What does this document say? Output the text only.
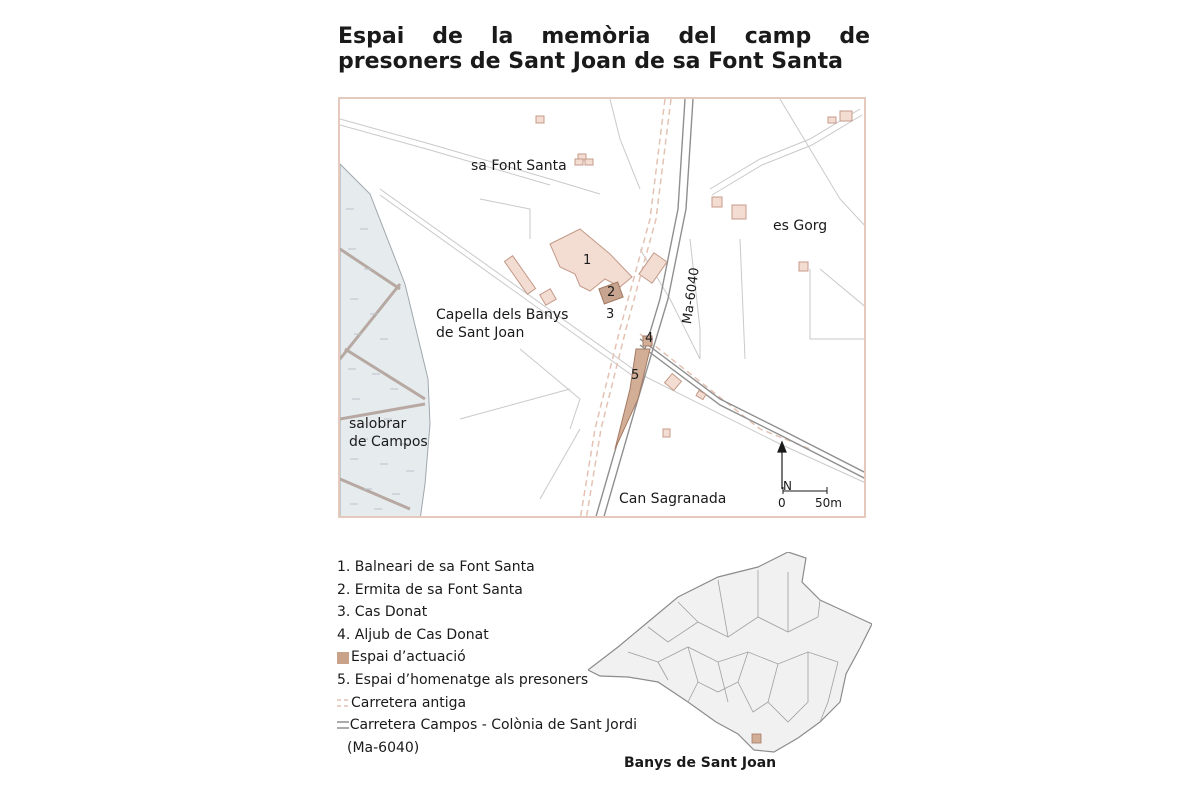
Espai de la memòria del camp de presoners de Sant Joan de sa Font Santa
sa Font Santa
es Gorg
Capella dels Banys
de Sant Joan
salobrar
de Campos
Can Sagranada
Ma-6040
1
2
3
4
5
N
0 50m
1. Balneari de sa Font Santa
2. Ermita de sa Font Santa
3. Cas Donat
4. Aljub de Cas Donat
Espai d’actuació
5. Espai d’homenatge als presoners
Carretera antiga
Carretera Campos - Colònia de Sant Jordi
(Ma-6040)
Banys de Sant Joan
